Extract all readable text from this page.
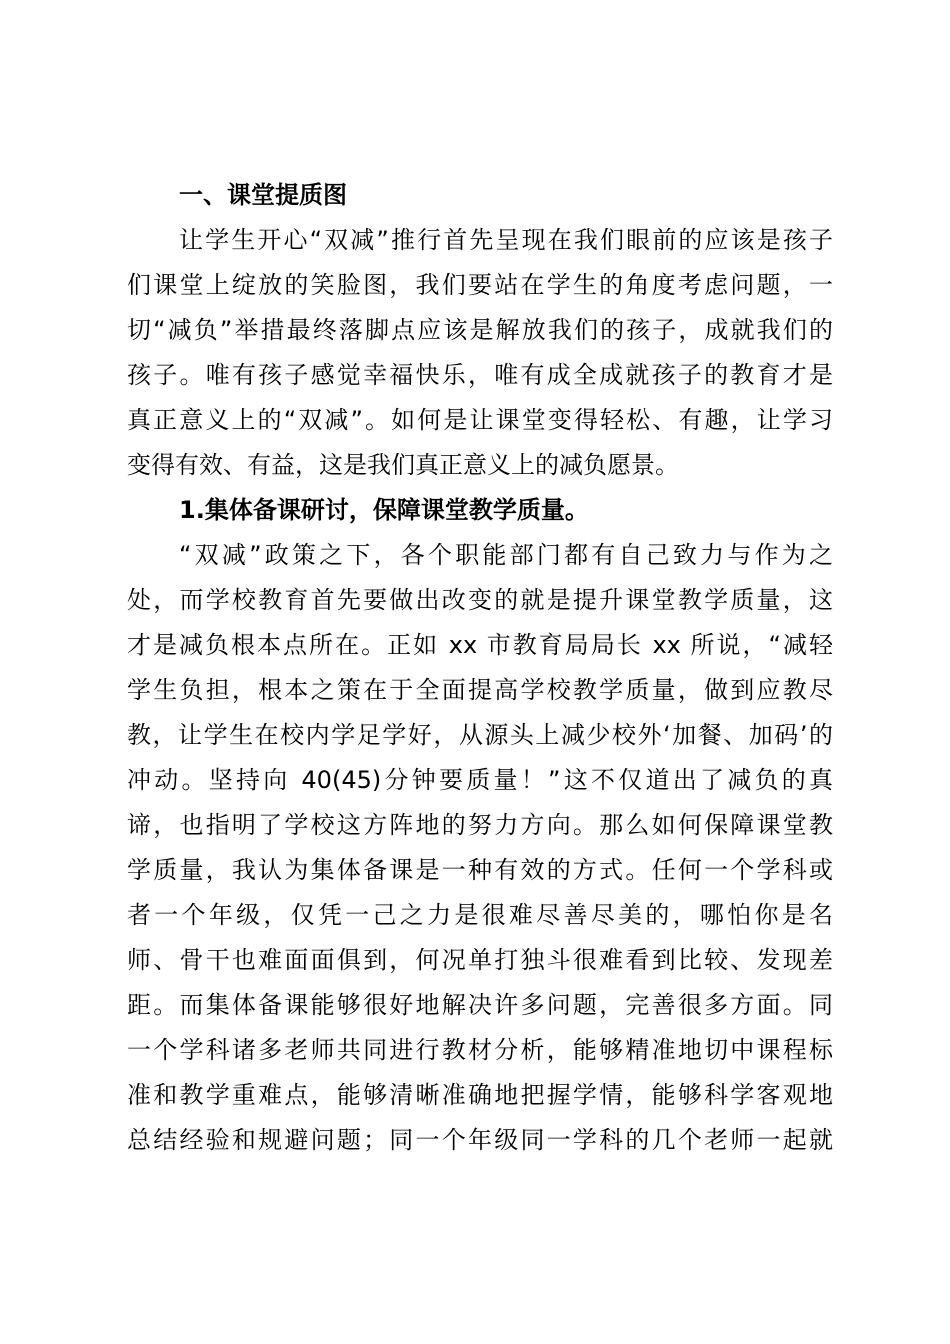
一、课堂提质图

让学生开心“双减”推行首先呈现在我们眼前的应该是孩子
们课堂上绽放的笑脸图，我们要站在学生的角度考虑问题，一
切“减负”举措最终落脚点应该是解放我们的孩子，成就我们的
孩子。唯有孩子感觉幸福快乐，唯有成全成就孩子的教育才是
真正意义上的“双减”。如何是让课堂变得轻松、有趣，让学习
变得有效、有益，这是我们真正意义上的减负愿景。

1.集体备课研讨，保障课堂教学质量。

“双减”政策之下，各个职能部门都有自己致力与作为之
处，而学校教育首先要做出改变的就是提升课堂教学质量，这
才是减负根本点所在。正如 xx 市教育局局长 xx 所说，“减轻
学生负担，根本之策在于全面提高学校教学质量，做到应教尽
教，让学生在校内学足学好，从源头上减少校外‘加餐、加码’的
冲动。坚持向 40(45)分钟要质量！”这不仅道出了减负的真
谛，也指明了学校这方阵地的努力方向。那么如何保障课堂教
学质量，我认为集体备课是一种有效的方式。任何一个学科或
者一个年级，仅凭一己之力是很难尽善尽美的，哪怕你是名
师、骨干也难面面俱到，何况单打独斗很难看到比较、发现差
距。而集体备课能够很好地解决许多问题，完善很多方面。同
一个学科诸多老师共同进行教材分析，能够精准地切中课程标
准和教学重难点，能够清晰准确地把握学情，能够科学客观地
总结经验和规避问题；同一个年级同一学科的几个老师一起就
